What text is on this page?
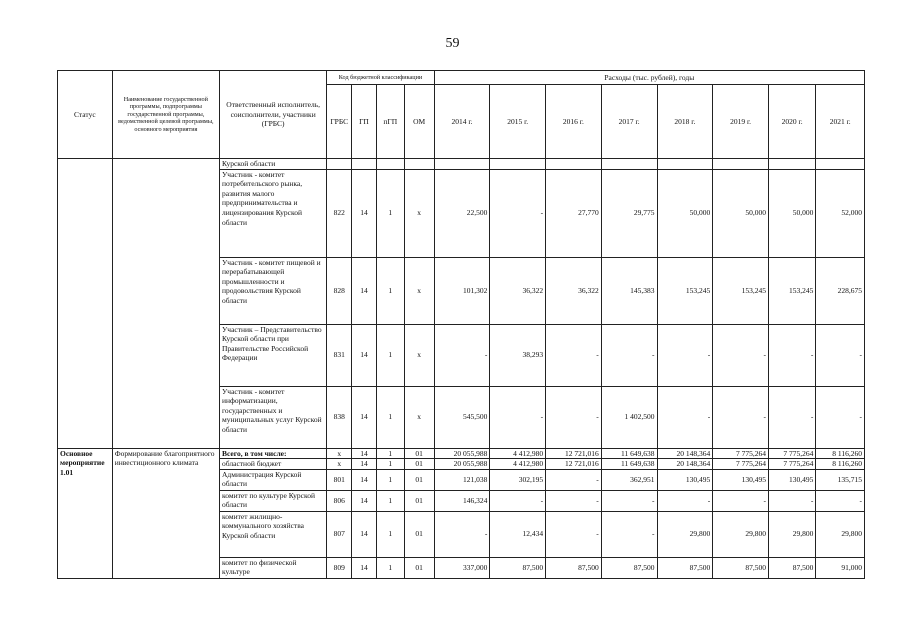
59
Статус	Наименование государственной программы, подпрограммы государственной программы, ведомственной целевой программы, основного мероприятия	Ответственный исполнитель, соисполнители, участники (ГРБС)	Код бюджетной классификации				Расходы (тыс. рублей), годы							
			ГРБС	ГП	пГП	ОМ	2014 г.	2015 г.	2016 г.	2017 г.	2018 г.	2019 г.	2020 г.	2021 г.
		Курской области												
		Участник - комитет потребительского рынка, развития малого предпринимательства и лицензирования Курской области	822	14	1	х	22,500	-	27,770	29,775	50,000	50,000	50,000	52,000
		Участник - комитет пищевой и перерабатывающей промышленности и продовольствия Курской области	828	14	1	х	101,302	36,322	36,322	145,383	153,245	153,245	153,245	228,675
		Участник – Представительство Курской области при Правительстве Российской Федерации	831	14	1	х	-	38,293	-	-	-	-	-	-
		Участник - комитет информатизации, государственных и муниципальных услуг Курской области	838	14	1	х	545,500	-	-	1 402,500	-	-	-	-
Основное мероприятие 1.01	Формирование благоприятного инвестиционного климата	Всего, в том числе:	х	14	1	01	20 055,988	4 412,980	12 721,016	11 649,638	20 148,364	7 775,264	7 775,264	8 116,260
		областной бюджет	х	14	1	01	20 055,988	4 412,980	12 721,016	11 649,638	20 148,364	7 775,264	7 775,264	8 116,260
		Администрация Курской области	801	14	1	01	121,038	302,195	-	362,951	130,495	130,495	130,495	135,715
		комитет по культуре Курской области	806	14	1	01	146,324	-	-	-	-	-	-	-
		комитет жилищно-коммунального хозяйства Курской области	807	14	1	01	-	12,434	-	-	29,800	29,800	29,800	29,800
		комитет по физической культуре	809	14	1	01	337,000	87,500	87,500	87,500	87,500	87,500	87,500	91,000
